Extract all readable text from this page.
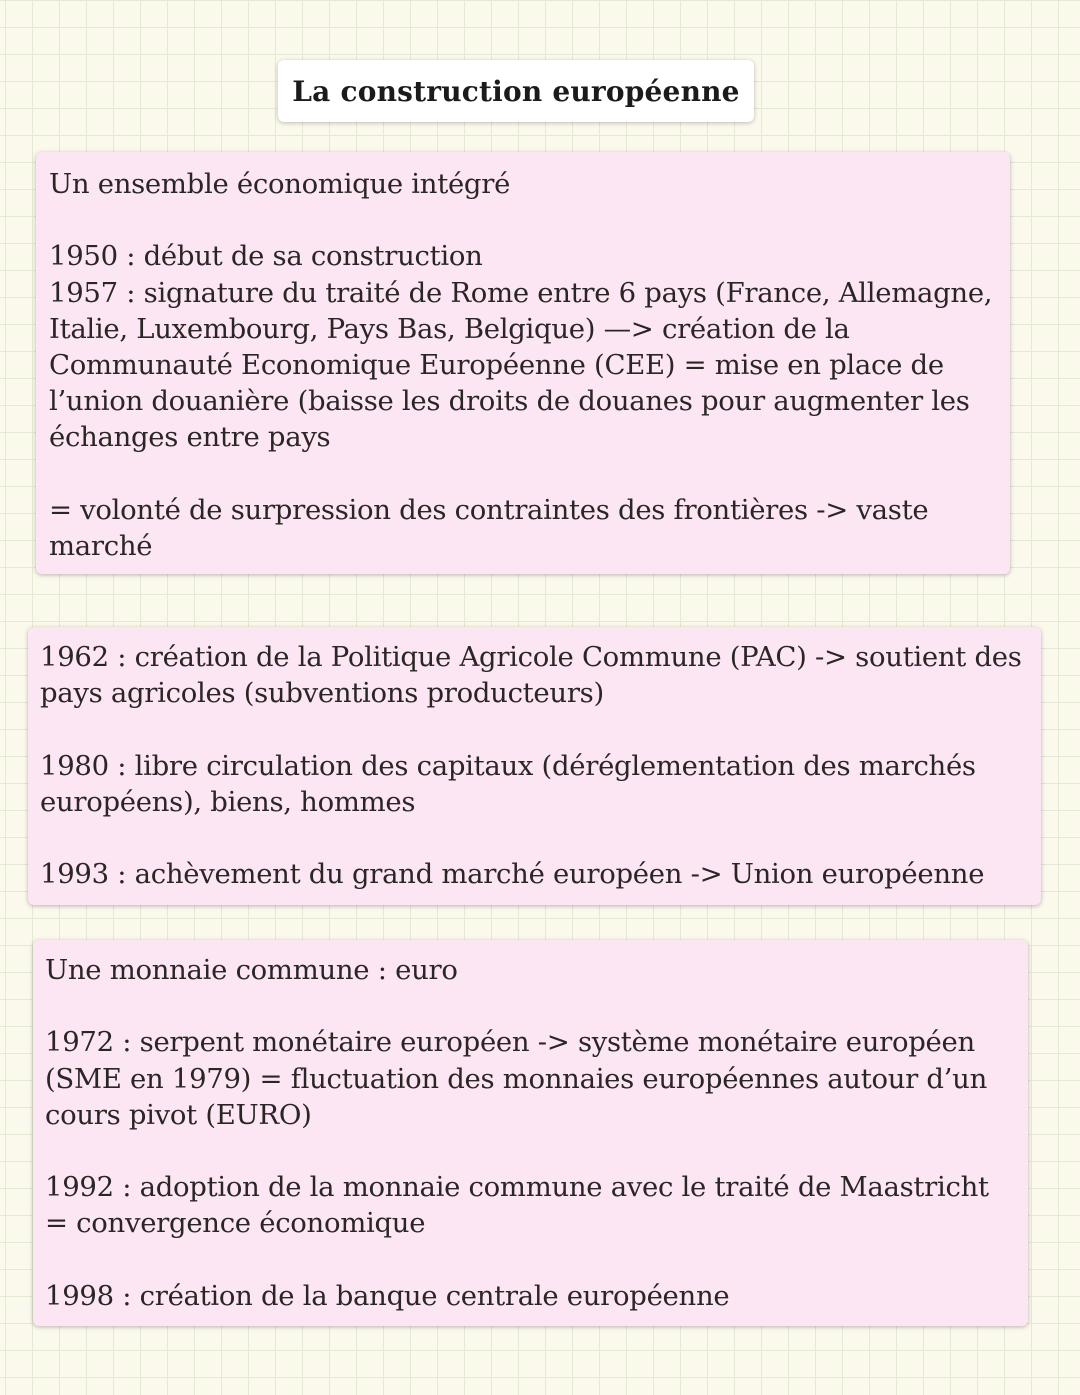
La construction européenne

Un ensemble économique intégré

1950 : début de sa construction

1957 : signature du traité de Rome entre 6 pays (France, Allemagne, Italie, Luxembourg, Pays Bas, Belgique) —> création de la Communauté Economique Européenne (CEE) = mise en place de l’union douanière (baisse les droits de douanes pour augmenter les échanges entre pays

= volonté de surpression des contraintes des frontières -> vaste marché

1962 : création de la Politique Agricole Commune (PAC) -> soutient des pays agricoles (subventions producteurs)

1980 : libre circulation des capitaux (déréglementation des marchés européens), biens, hommes

1993 : achèvement du grand marché européen -> Union européenne

Une monnaie commune : euro

1972 : serpent monétaire européen -> système monétaire européen (SME en 1979) = fluctuation des monnaies européennes autour d’un cours pivot (EURO)

1992 : adoption de la monnaie commune avec le traité de Maastricht = convergence économique

1998 : création de la banque centrale européenne
